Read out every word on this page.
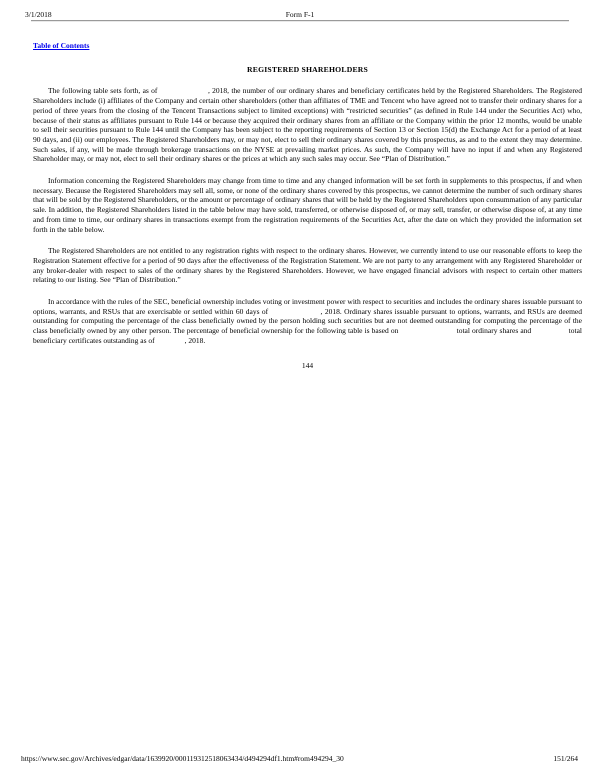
3/1/2018	Form F-1
Table of Contents
REGISTERED SHAREHOLDERS

The following table sets forth, as of                      , 2018, the number of our ordinary shares and beneficiary certificates held by the Registered Shareholders. The Registered Shareholders include (i) affiliates of the Company and certain other shareholders (other than affiliates of TME and Tencent who have agreed not to transfer their ordinary shares for a period of three years from the closing of the Tencent Transactions subject to limited exceptions) with “restricted securities” (as defined in Rule 144 under the Securities Act) who, because of their status as affiliates pursuant to Rule 144 or because they acquired their ordinary shares from an affiliate or the Company within the prior 12 months, would be unable to sell their securities pursuant to Rule 144 until the Company has been subject to the reporting requirements of Section 13 or Section 15(d) the Exchange Act for a period of at least 90 days, and (ii) our employees. The Registered Shareholders may, or may not, elect to sell their ordinary shares covered by this prospectus, as and to the extent they may determine. Such sales, if any, will be made through brokerage transactions on the NYSE at prevailing market prices. As such, the Company will have no input if and when any Registered Shareholder may, or may not, elect to sell their ordinary shares or the prices at which any such sales may occur. See “Plan of Distribution.”

Information concerning the Registered Shareholders may change from time to time and any changed information will be set forth in supplements to this prospectus, if and when necessary. Because the Registered Shareholders may sell all, some, or none of the ordinary shares covered by this prospectus, we cannot determine the number of such ordinary shares that will be sold by the Registered Shareholders, or the amount or percentage of ordinary shares that will be held by the Registered Shareholders upon consummation of any particular sale. In addition, the Registered Shareholders listed in the table below may have sold, transferred, or otherwise disposed of, or may sell, transfer, or otherwise dispose of, at any time and from time to time, our ordinary shares in transactions exempt from the registration requirements of the Securities Act, after the date on which they provided the information set forth in the table below.

The Registered Shareholders are not entitled to any registration rights with respect to the ordinary shares. However, we currently intend to use our reasonable efforts to keep the Registration Statement effective for a period of 90 days after the effectiveness of the Registration Statement. We are not party to any arrangement with any Registered Shareholder or any broker-dealer with respect to sales of the ordinary shares by the Registered Shareholders. However, we have engaged financial advisors with respect to certain other matters relating to our listing. See “Plan of Distribution.”

In accordance with the rules of the SEC, beneficial ownership includes voting or investment power with respect to securities and includes the ordinary shares issuable pursuant to options, warrants, and RSUs that are exercisable or settled within 60 days of                      , 2018. Ordinary shares issuable pursuant to options, warrants, and RSUs are deemed outstanding for computing the percentage of the class beneficially owned by the person holding such securities but are not deemed outstanding for computing the percentage of the class beneficially owned by any other person. The percentage of beneficial ownership for the following table is based on                            total ordinary shares and                  total beneficiary certificates outstanding as of                , 2018.

144
https://www.sec.gov/Archives/edgar/data/1639920/000119312518063434/d494294df1.htm#rom494294_30	151/264
